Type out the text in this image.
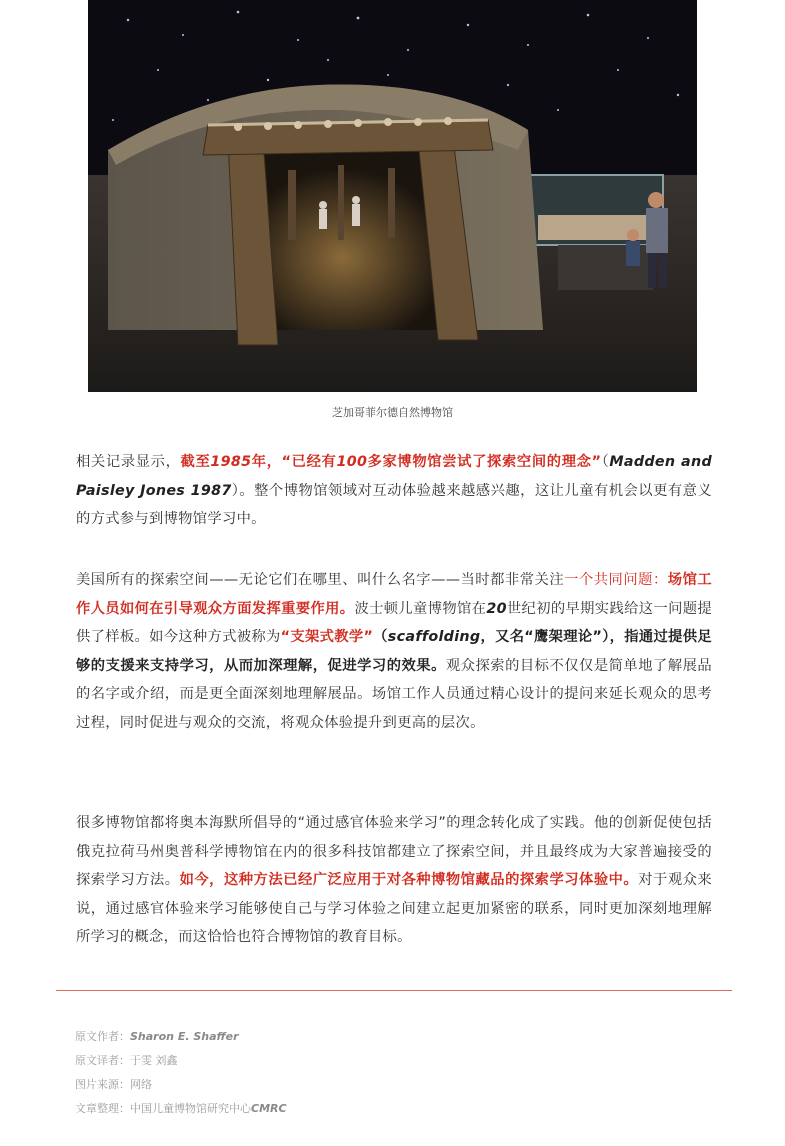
芝加哥菲尔德自然博物馆
相关记录显示，截至1985年，“已经有100多家博物馆尝试了探索空间的理念”（Madden and Paisley Jones 1987）。整个博物馆领域对互动体验越来越感兴趣，这让儿童有机会以更有意义的方式参与到博物馆学习中。
美国所有的探索空间——无论它们在哪里、叫什么名字——当时都非常关注一个共同问题：场馆工作人员如何在引导观众方面发挥重要作用。波士顿儿童博物馆在20世纪初的早期实践给这一问题提供了样板。如今这种方式被称为“支架式教学”（scaffolding，又名“鹰架理论”），指通过提供足够的支援来支持学习，从而加深理解，促进学习的效果。观众探索的目标不仅仅是简单地了解展品的名字或介绍，而是更全面深刻地理解展品。场馆工作人员通过精心设计的提问来延长观众的思考过程，同时促进与观众的交流，将观众体验提升到更高的层次。
很多博物馆都将奥本海默所倡导的“通过感官体验来学习”的理念转化成了实践。他的创新促使包括俄克拉荷马州奥普科学博物馆在内的很多科技馆都建立了探索空间，并且最终成为大家普遍接受的探索学习方法。如今，这种方法已经广泛应用于对各种博物馆藏品的探索学习体验中。对于观众来说，通过感官体验来学习能够使自己与学习体验之间建立起更加紧密的联系，同时更加深刻地理解所学习的概念，而这恰恰也符合博物馆的教育目标。
原文作者：Sharon E. Shaffer
原文译者：于雯 刘鑫
图片来源：网络
文章整理：中国儿童博物馆研究中心CMRC
